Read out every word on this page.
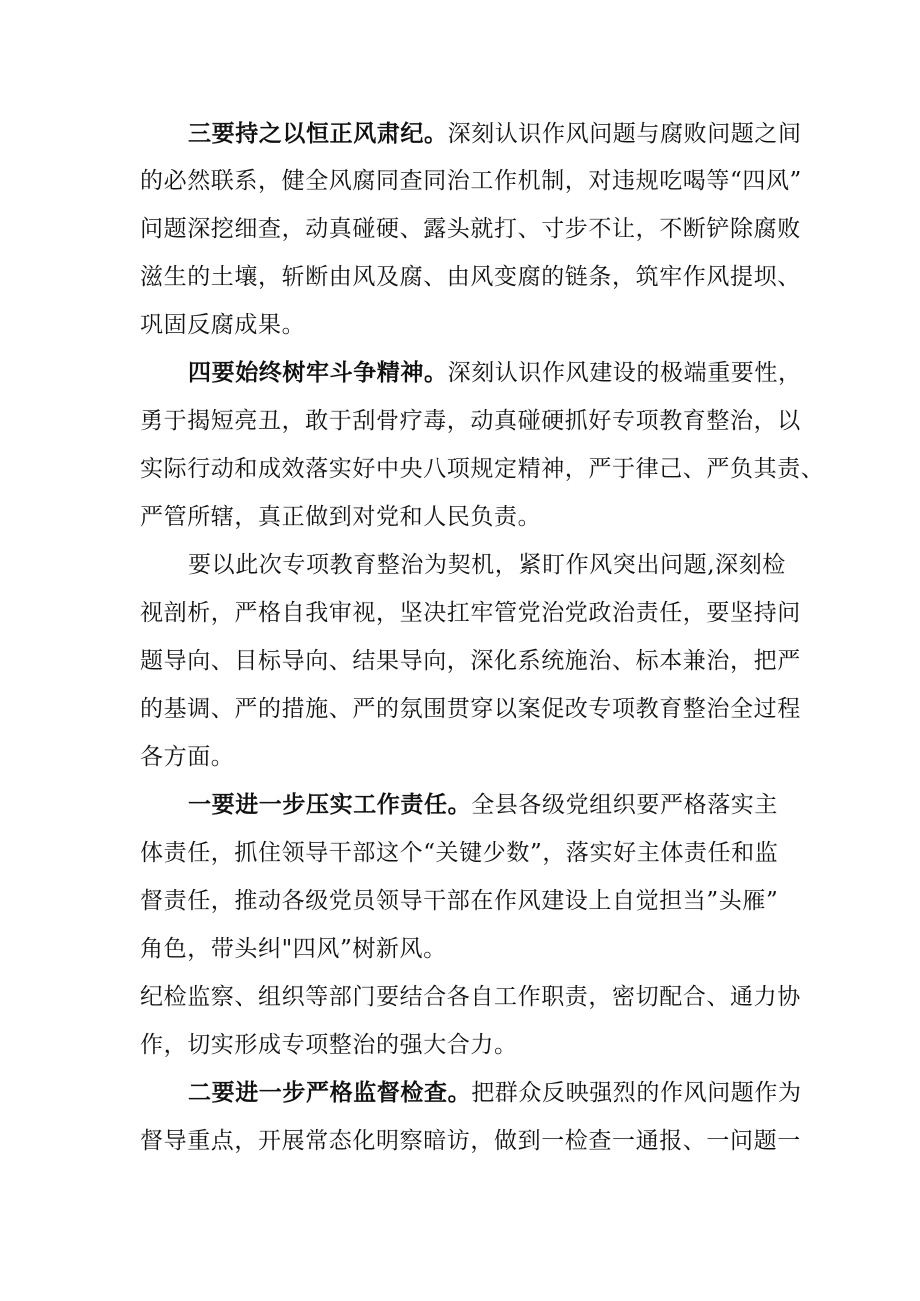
三要持之以恒正风肃纪。深刻认识作风问题与腐败问题之间
的必然联系，健全风腐同查同治工作机制，对违规吃喝等“四风”
问题深挖细查，动真碰硬、露头就打、寸步不让，不断铲除腐败
滋生的土壤，斩断由风及腐、由风变腐的链条，筑牢作风提坝、
巩固反腐成果。
四要始终树牢斗争精神。深刻认识作风建设的极端重要性，
勇于揭短亮丑，敢于刮骨疗毒，动真碰硬抓好专项教育整治，以
实际行动和成效落实好中央八项规定精神，严于律己、严负其责、
严管所辖，真正做到对党和人民负责。
要以此次专项教育整治为契机，紧盯作风突出问题,深刻检
视剖析，严格自我审视，坚决扛牢管党治党政治责任，要坚持问
题导向、目标导向、结果导向，深化系统施治、标本兼治，把严
的基调、严的措施、严的氛围贯穿以案促改专项教育整治全过程
各方面。
一要进一步压实工作责任。全县各级党组织要严格落实主
体责任，抓住领导干部这个“关键少数”，落实好主体责任和监
督责任，推动各级党员领导干部在作风建设上自觉担当”头雁”
角色，带头纠"四风”树新风。
纪检监察、组织等部门要结合各自工作职责，密切配合、通力协
作，切实形成专项整治的强大合力。
二要进一步严格监督检查。把群众反映强烈的作风问题作为
督导重点，开展常态化明察暗访，做到一检查一通报、一问题一
